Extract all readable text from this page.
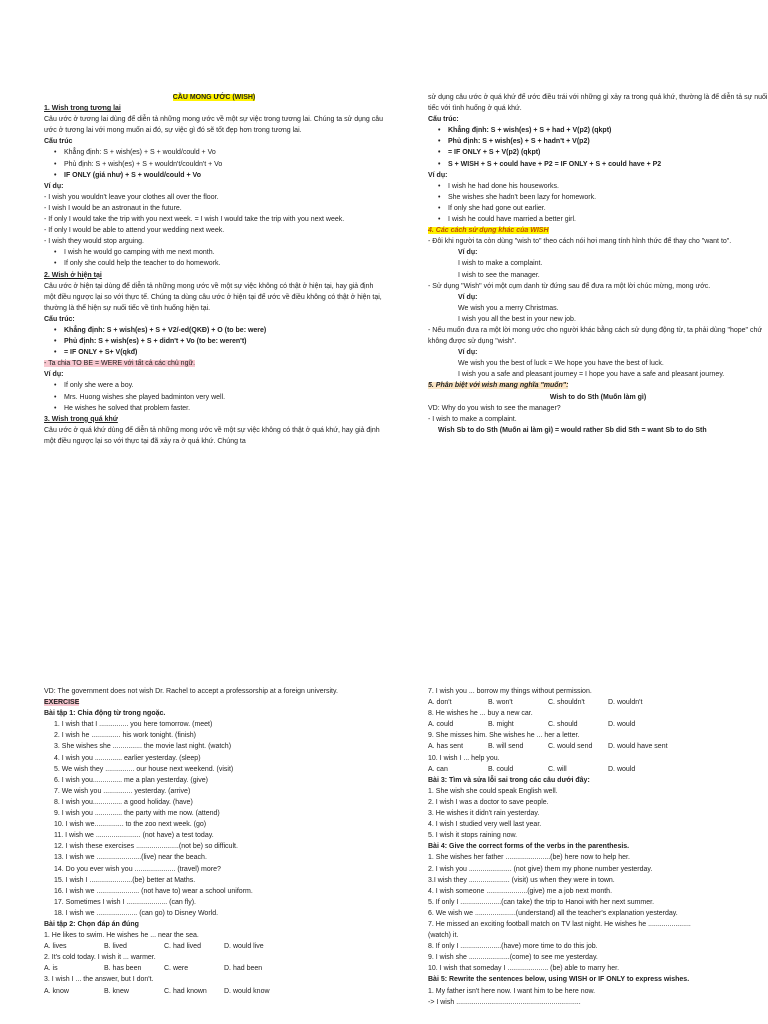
CẦU MONG ƯỚC (WISH)

1. Wish trong tương lai

Câu ước ở tương lai dùng để diễn tả những mong ước về một sự việc trong tương lai. Chúng ta sử dụng câu ước ở tương lai với mong muốn ai đó, sự việc gì đó sẽ tốt đẹp hơn trong tương lai.

Cấu trúc

• Khẳng định: S + wish(es) + S + would/could + Vo

• Phủ định: S + wish(es) + S + wouldn't/couldn't + Vo

• IF ONLY (giá như) + S + would/could + Vo

Ví dụ:

- I wish you wouldn't leave your clothes all over the floor.

- I wish I would be an astronaut in the future.

- If only I would take the trip with you next week. = I wish I would take the trip with you next week.

- If only I would be able to attend your wedding next week.

- I wish they would stop arguing.

• I wish he would go camping with me next month.

• If only she could help the teacher to do homework.

2. Wish ở hiện tại

Câu ước ở hiện tại dùng để diễn tả những mong ước về một sự việc không có thật ở hiện tại, hay giả định một điều ngược lại so với thực tế. Chúng ta dùng câu ước ở hiện tại để ước về điều không có thật ở hiện tại, thường là thể hiện sự nuối tiếc về tình huống hiện tại.

Cấu trúc:

• Khẳng định: S + wish(es) + S + V2/-ed(QKĐ) + O (to be: were)

• Phủ định: S + wish(es) + S + didn't + Vo (to be: weren't)

• = IF ONLY + S+ V(qkđ)

- Ta chia TO BE = WERE với tất cả các chủ ngữ.

Ví dụ:

• If only she were a boy.

• Mrs. Huong wishes she played badminton very well.

• He wishes he solved that problem faster.

3. Wish trong quá khứ

Câu ước ở quá khứ dùng để diễn tả những mong ước về một sự việc không có thật ở quá khứ, hay giả định một điều ngược lại so với thực tại đã xảy ra ở quá khứ. Chúng ta

sử dụng câu ước ở quá khứ để ước điều trái với những gì xảy ra trong quá khứ, thường là để diễn tả sự nuối tiếc với tình huống ở quá khứ.

Cấu trúc:

• Khẳng định: S + wish(es) + S + had + V(p2) (qkpt)

• Phủ định: S + wish(es) + S + hadn't + V(p2)

• = IF ONLY + S + V(p2) (qkpt)

• S + WISH + S + could have + P2 = IF ONLY + S + could have + P2

Ví dụ:

• I wish he had done his houseworks.

• She wishes she hadn't been lazy for homework.

• If only she had gone out earlier.

• I wish he could have married a better girl.

4. Các cách sử dụng khác của WISH

- Đôi khi người ta còn dùng "wish to" theo cách nói hơi mang tính hình thức để thay cho "want to".

Ví dụ:

I wish to make a complaint.

I wish to see the manager.

- Sử dụng "Wish" với một cụm danh từ đứng sau để đưa ra một lời chúc mừng, mong ước.

Ví dụ:

We wish you a merry Christmas.

I wish you all the best in your new job.

- Nếu muốn đưa ra một lời mong ước cho người khác bằng cách sử dụng động từ, ta phải dùng "hope" chứ không được sử dụng "wish".

Ví dụ:

We wish you the best of luck = We hope you have the best of luck.

I wish you a safe and pleasant journey = I hope you have a safe and pleasant journey.

5. Phân biệt với wish mang nghĩa "muốn":

Wish to do Sth (Muốn làm gì)

VD: Why do you wish to see the manager?

- I wish to make a complaint.

Wish Sb to do Sth (Muốn ai làm gì) = would rather Sb did Sth = want Sb to do Sth

VD: The government does not wish Dr. Rachel to accept a professorship at a foreign university.

EXERCISE

Bài tập 1: Chia động từ trong ngoặc.

1. I wish that I ............... you here tomorrow. (meet)

2. I wish he ............... his work tonight. (finish)

3. She wishes she ............... the movie last night. (watch)

4. I wish you .............. earlier yesterday. (sleep)

5. We wish they ............... our house next weekend. (visit)

6. I wish you............... me a plan yesterday. (give)

7. We wish you ............... yesterday. (arrive)

8. I wish you............... a good holiday. (have)

9. I wish you .............. the party with me now. (attend)

10. I wish we............... to the zoo next week. (go)

11. I wish we ....................... (not have) a test today.

12. I wish these exercises ......................(not be) so difficult.

13. I wish we .......................(live) near the beach.

14. Do you ever wish you ..................... (travel) more?

15. I wish I ......................(be) better at Maths.

16. I wish we ...................... (not have to) wear a school uniform.

17. Sometimes I wish I ..................... (can fly).

18. I wish we ..................... (can go) to Disney World.

Bài tập 2: Chọn đáp án đúng

1. He likes to swim. He wishes he ... near the sea.

A. lives	B. lived	C. had lived	D. would live

2. It's cold today. I wish it ... warmer.

A. is	B. has been	C. were	D. had been

3. I wish I ... the answer, but I don't.

A. know	B. knew	C. had known	D. would know

7. I wish you ... borrow my things without permission.

A. don't	B. won't	C. shouldn't	D. wouldn't

8. He wishes he ... buy a new car.

A. could	B. might	C. should	D. would

9. She misses him. She wishes he ... her a letter.

A. has sent	B. will send	C. would send	D. would have sent

10. I wish I ... help you.

A. can	B. could	C. will	D. would

Bài 3: Tìm và sửa lỗi sai trong các câu dưới đây:

1. She wish she could speak English well.

2. I wish I was a doctor to save people.

3. He wishes it didn't rain yesterday.

4. I wish I studied very well last year.

5. I wish it stops raining now.

Bài 4: Give the correct forms of the verbs in the parenthesis.

1. She wishes her father .......................(be) here now to help her.

2. I wish you ...................... (not give) them my phone number yesterday.

3.I wish they ..................... (visit) us when they were in town.

4. I wish someone .....................(give) me a job next month.

5. If only I .....................(can take) the trip to Hanoi with her next summer.

6. We wish we .....................(understand) all the teacher's explanation yesterday.

7. He missed an exciting football match on TV last night. He wishes he ......................

(watch) it.

8. If only I .....................(have) more time to do this job.

9. I wish she .....................(come) to see me yesterday.

10. I wish that someday I ..................... (be) able to marry her.

Bài 5: Rewrite the sentences below, using WISH or IF ONLY to express wishes.

1. My father isn't here now. I want him to be here now.

-> I wish ................................................................
